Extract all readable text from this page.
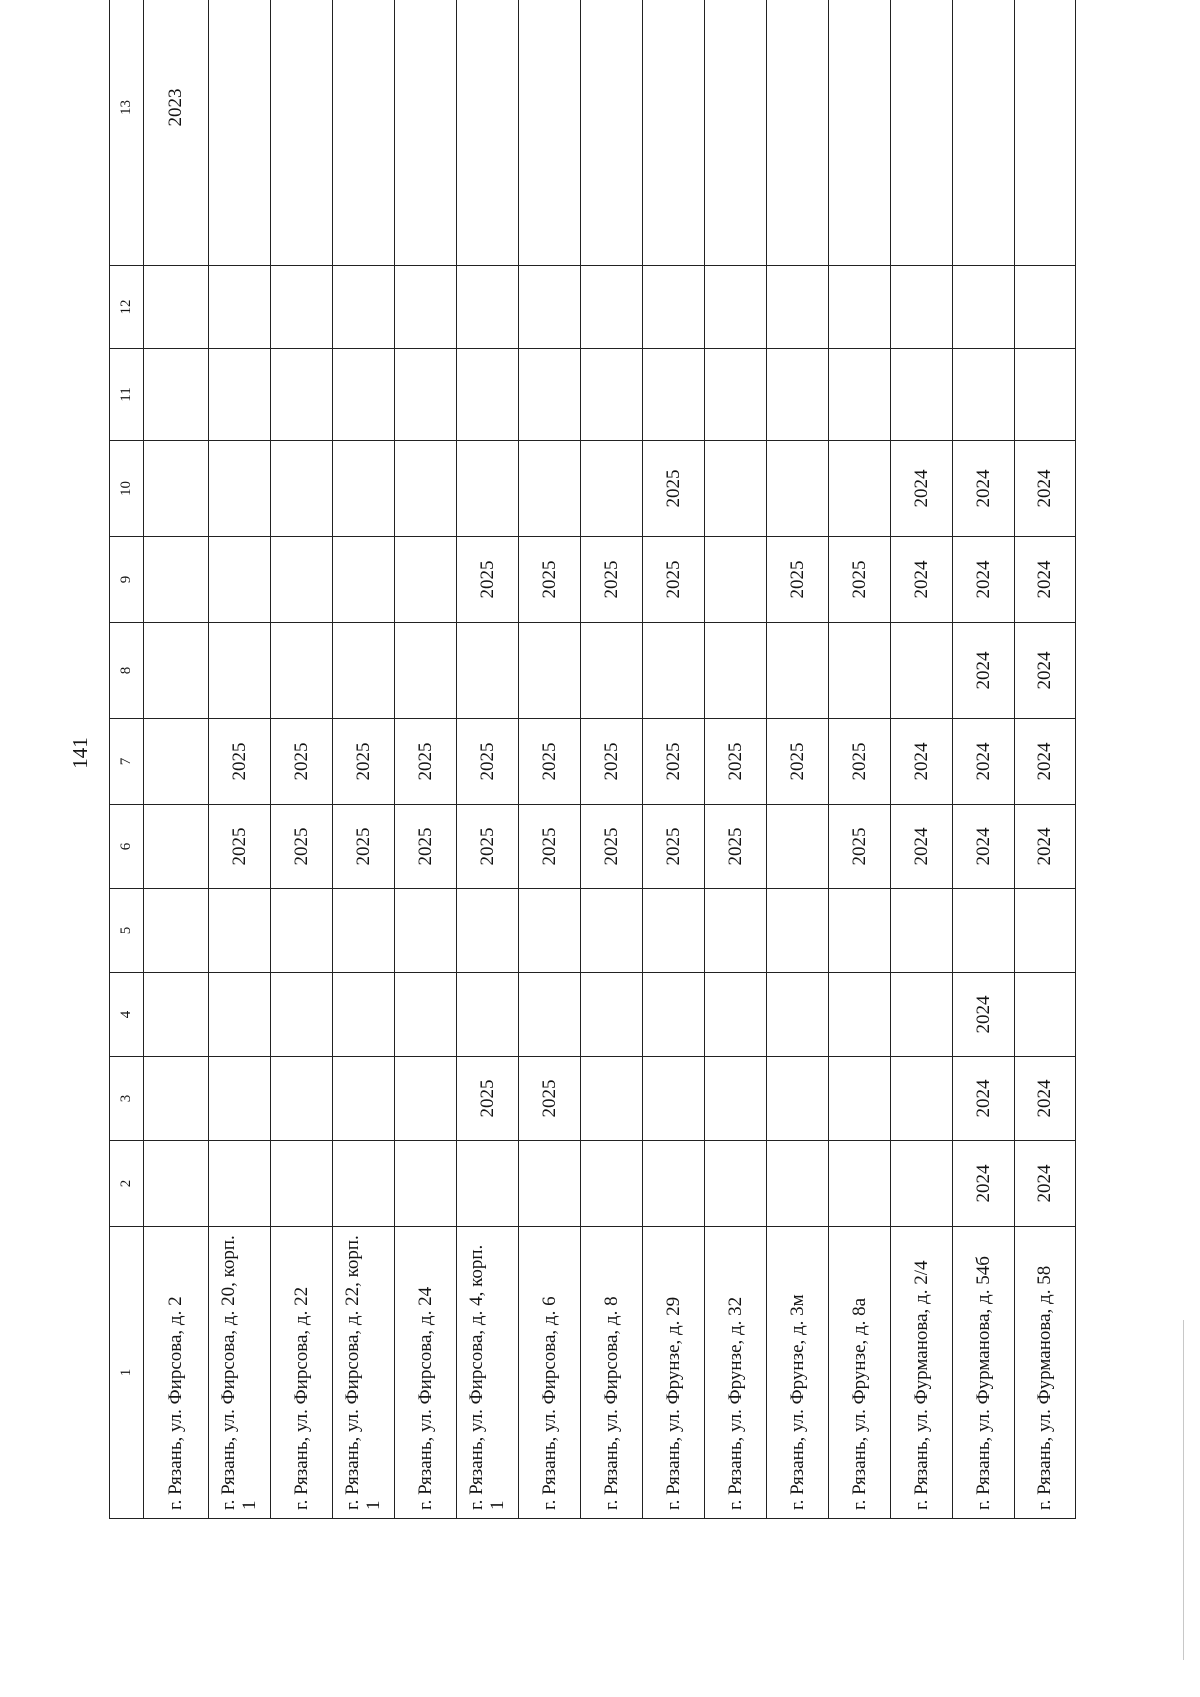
141
1	2	3	4	5	6	7	8	9	10	11	12	13
г. Рязань, ул. Фирсова, д. 2												2023
г. Рязань, ул. Фирсова, д. 20, корп. 1					2025	2025						
г. Рязань, ул. Фирсова, д. 22					2025	2025						
г. Рязань, ул. Фирсова, д. 22, корп. 1					2025	2025						
г. Рязань, ул. Фирсова, д. 24					2025	2025						
г. Рязань, ул. Фирсова, д. 4, корп. 1		2025			2025	2025		2025				
г. Рязань, ул. Фирсова, д. 6		2025			2025	2025		2025				
г. Рязань, ул. Фирсова, д. 8					2025	2025		2025				
г. Рязань, ул. Фрунзе, д. 29					2025	2025		2025	2025			
г. Рязань, ул. Фрунзе, д. 32					2025	2025						
г. Рязань, ул. Фрунзе, д. 3м						2025		2025				
г. Рязань, ул. Фрунзе, д. 8а					2025	2025		2025				
г. Рязань, ул. Фурманова, д. 2/4					2024	2024		2024	2024			
г. Рязань, ул. Фурманова, д. 54б	2024	2024	2024		2024	2024	2024	2024	2024			
г. Рязань, ул. Фурманова, д. 58	2024	2024			2024	2024	2024	2024	2024			
